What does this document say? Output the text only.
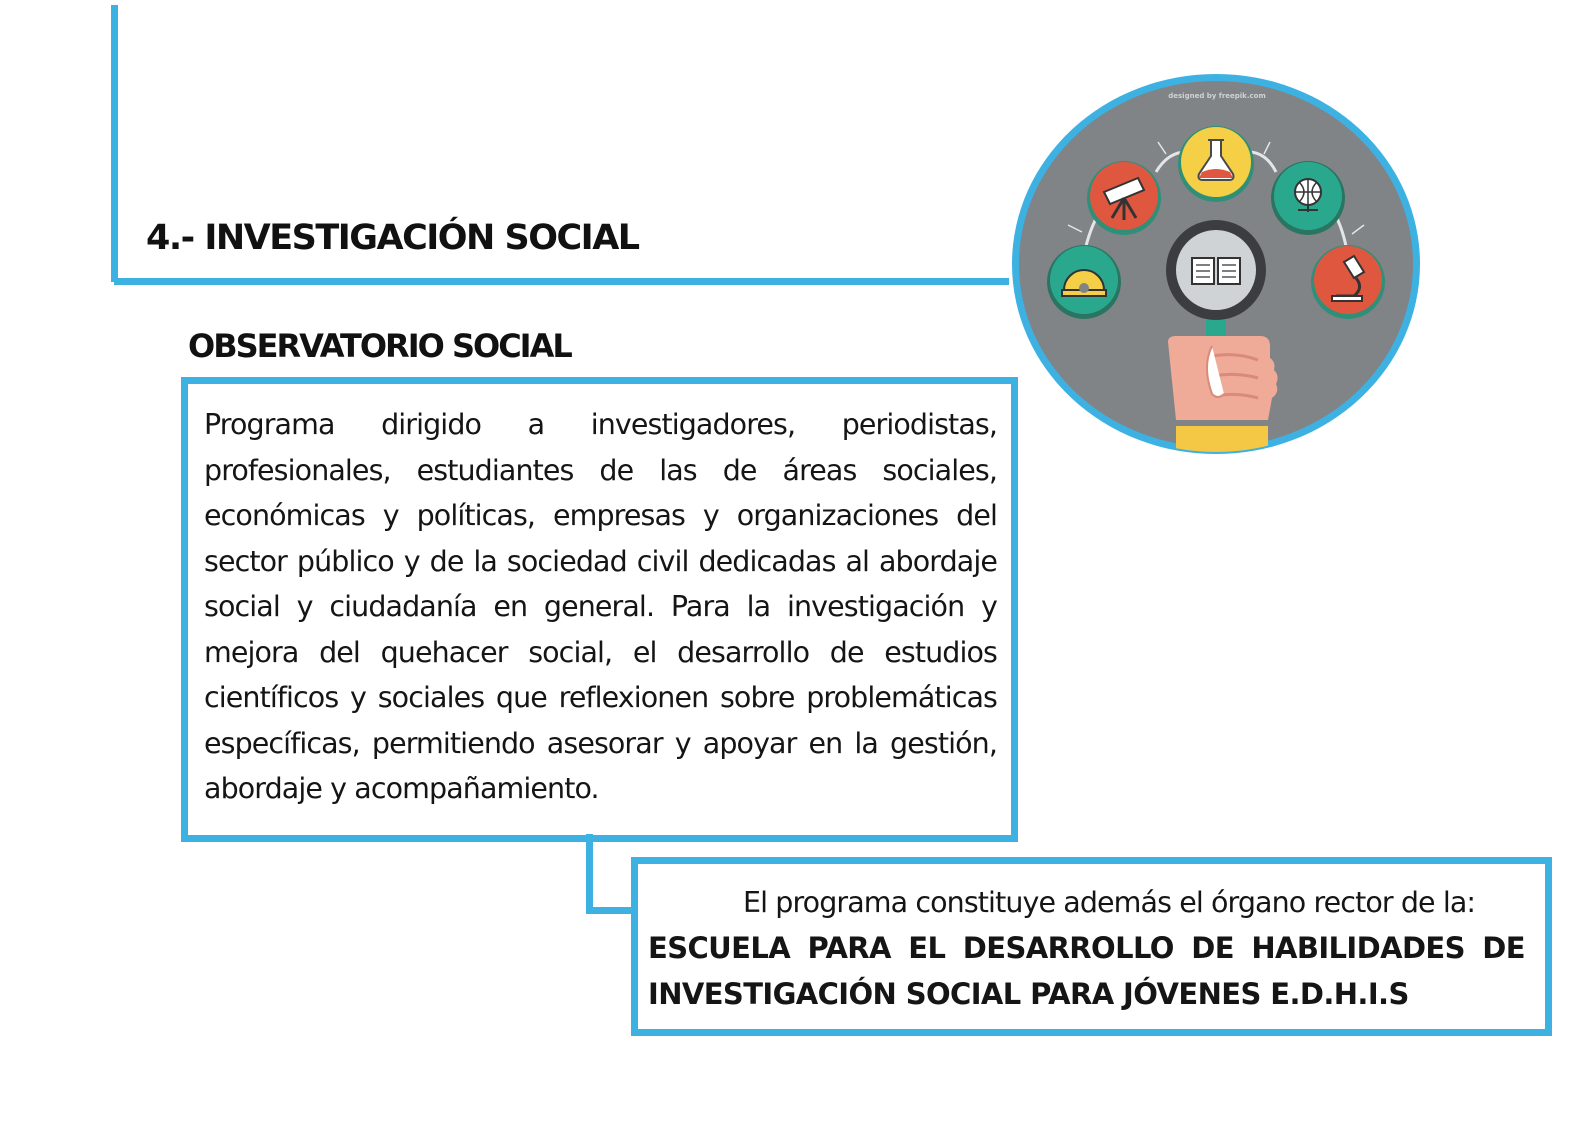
4.- INVESTIGACIÓN SOCIAL
OBSERVATORIO SOCIAL
Programa dirigido a investigadores, periodistas, profesionales, estudiantes de las de áreas sociales, económicas y políticas, empresas y organizaciones del sector público y de la sociedad civil dedicadas al abordaje social y ciudadanía en general. Para la investigación y mejora del quehacer social, el desarrollo de estudios científicos y sociales que reflexionen sobre problemáticas específicas, permitiendo asesorar y apoyar en la gestión, abordaje y acompañamiento.
El programa constituye además el órgano rector de la:
ESCUELA PARA EL DESARROLLO DE HABILIDADES DE INVESTIGACIÓN SOCIAL PARA JÓVENES E.D.H.I.S
designed by freepik.com
